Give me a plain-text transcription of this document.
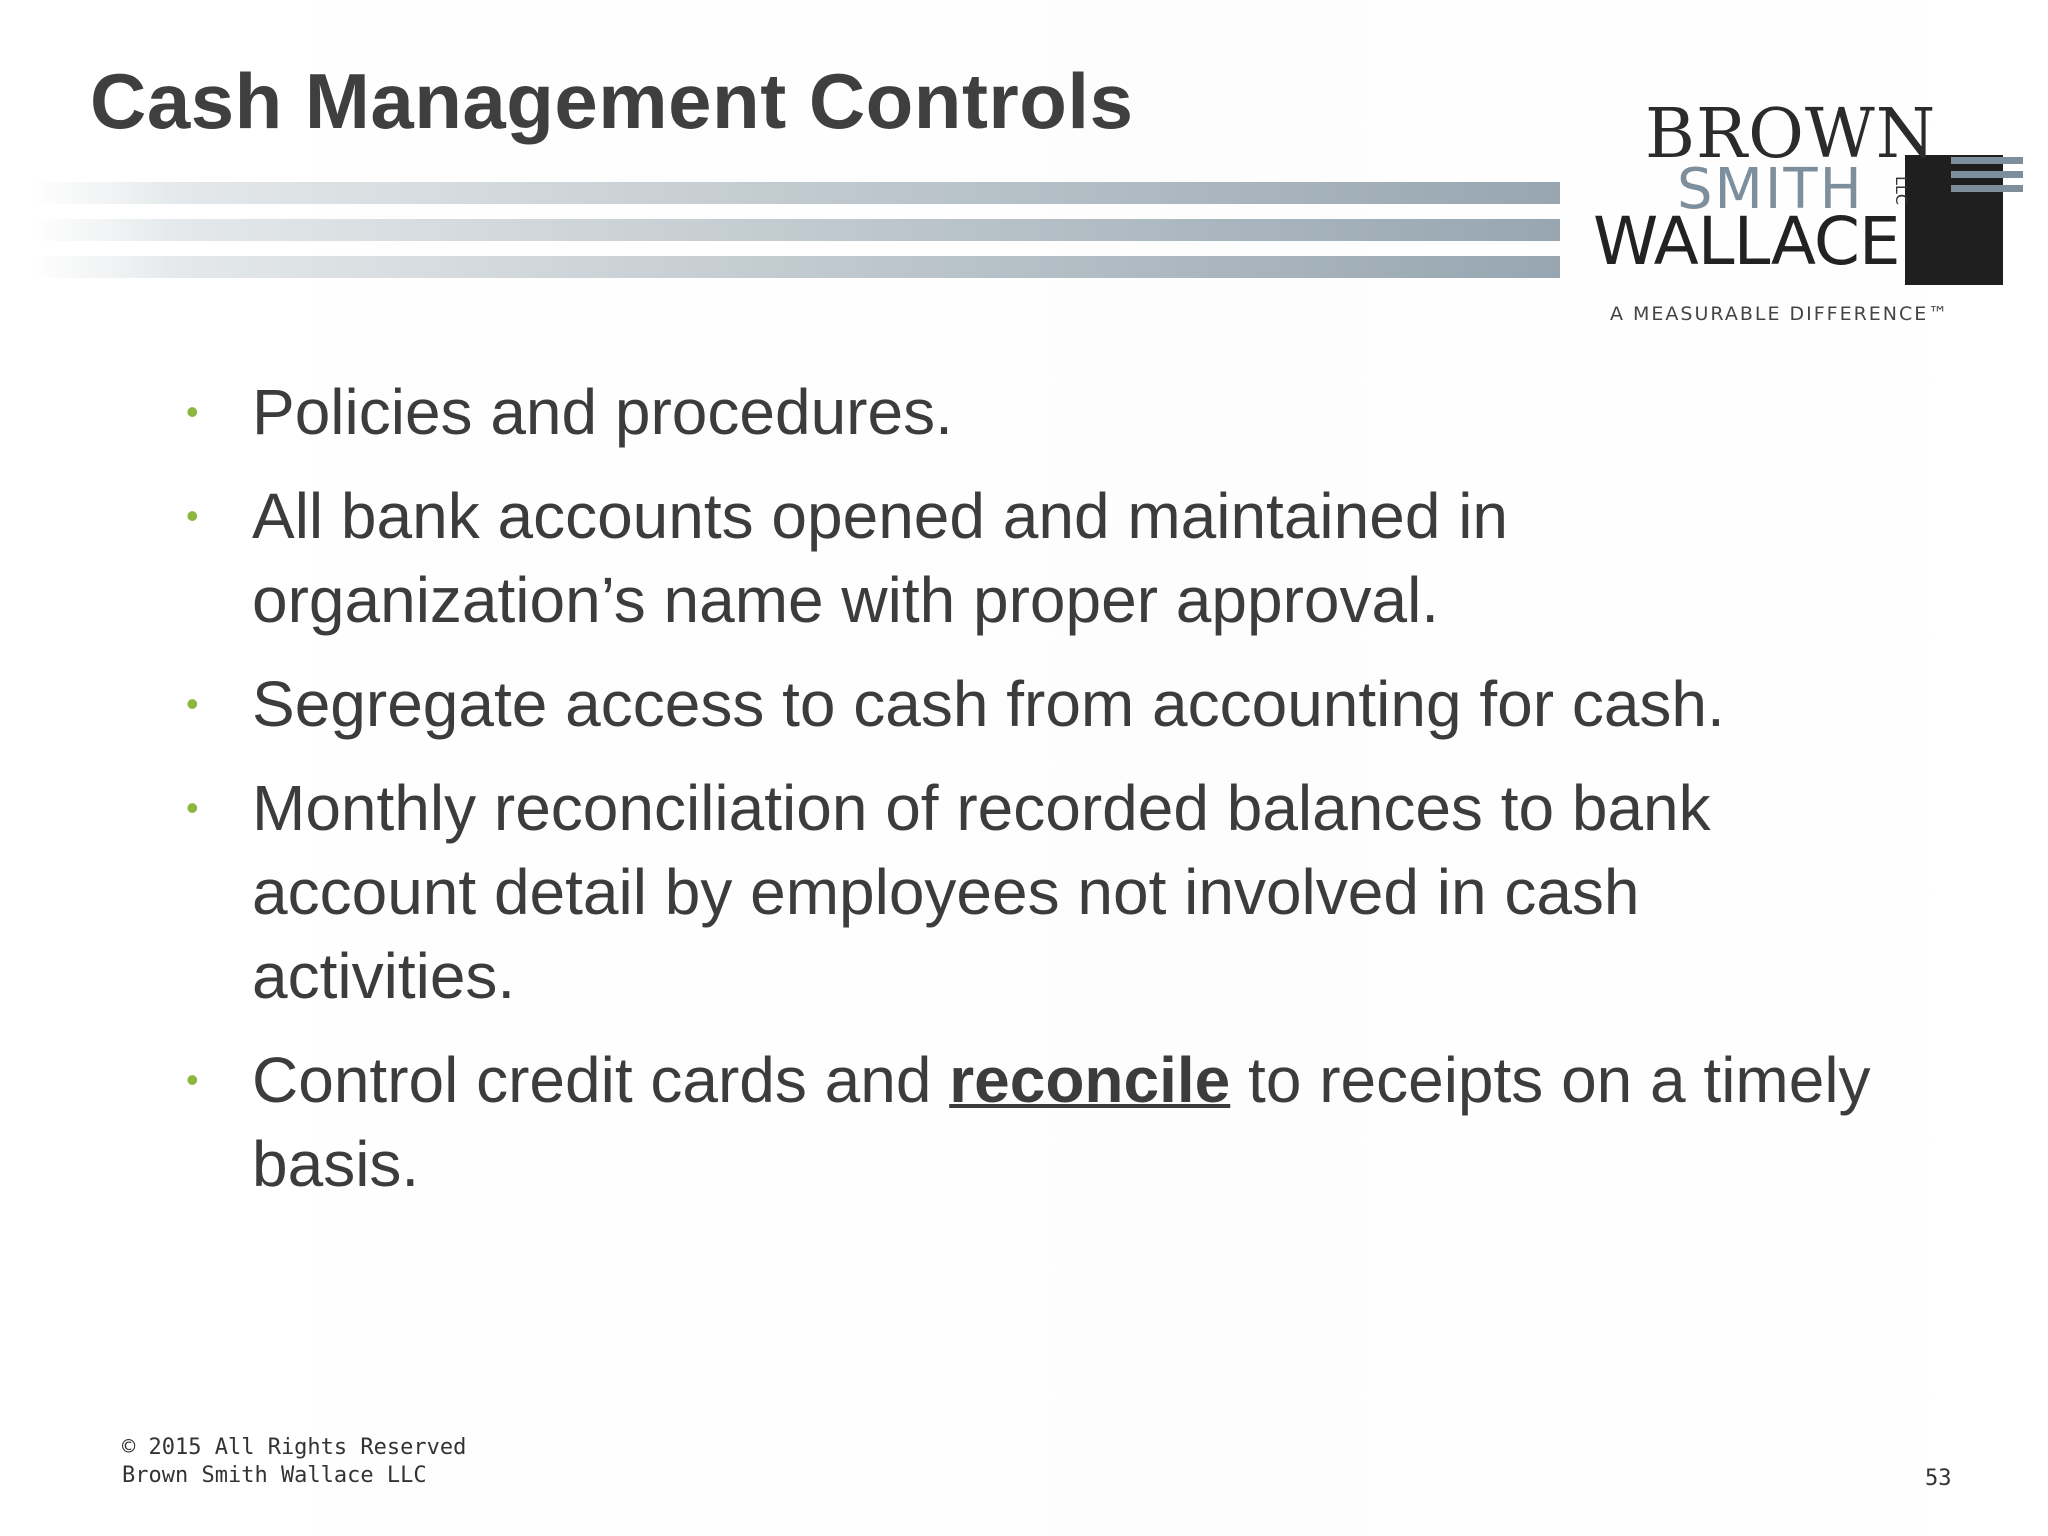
Cash Management Controls	BROWN
SMITH LLC
WALLACE
A MEASURABLE DIFFERENCE™
• Policies and procedures.
• All bank accounts opened and maintained in organization’s name with proper approval.
• Segregate access to cash from accounting for cash.
• Monthly reconciliation of recorded balances to bank account detail by employees not involved in cash activities.
• Control credit cards and reconcile to receipts on a timely basis.
© 2015 All Rights Reserved
Brown Smith Wallace LLC	53
